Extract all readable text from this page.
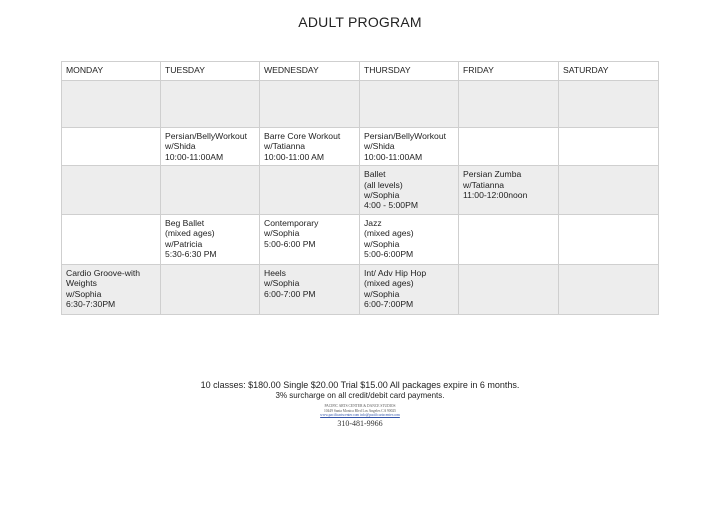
ADULT PROGRAM
MONDAY	TUESDAY	WEDNESDAY	THURSDAY	FRIDAY	SATURDAY

	Persian/BellyWorkout
w/Shida
10:00-11:00AM	Barre Core Workout
w/Tatianna
10:00-11:00 AM	Persian/BellyWorkout
w/Shida
10:00-11:00AM		
			Ballet
(all levels)
w/Sophia
4:00 - 5:00PM	Persian Zumba
w/Tatianna
11:00-12:00noon	
	Beg Ballet
(mixed ages)
w/Patricia
5:30-6:30 PM	Contemporary
w/Sophia
5:00-6:00 PM	Jazz
(mixed ages)
w/Sophia
5:00-6:00PM		
Cardio Groove-with Weights
w/Sophia
6:30-7:30PM		Heels
w/Sophia
6:00-7:00 PM	Int/ Adv Hip Hop
(mixed ages)
w/Sophia
6:00-7:00PM		
10 classes: $180.00 Single $20.00 Trial $15.00 All packages expire in 6 months.
3% surcharge on all credit/debit card payments.
PACIFIC ARTS CENTER & DANCE STUDIOS
10449 Santa Monica Blvd Los Angeles CA 90025
www.pacificartscenter.com info@pacificartscenter.com
310-481-9966
